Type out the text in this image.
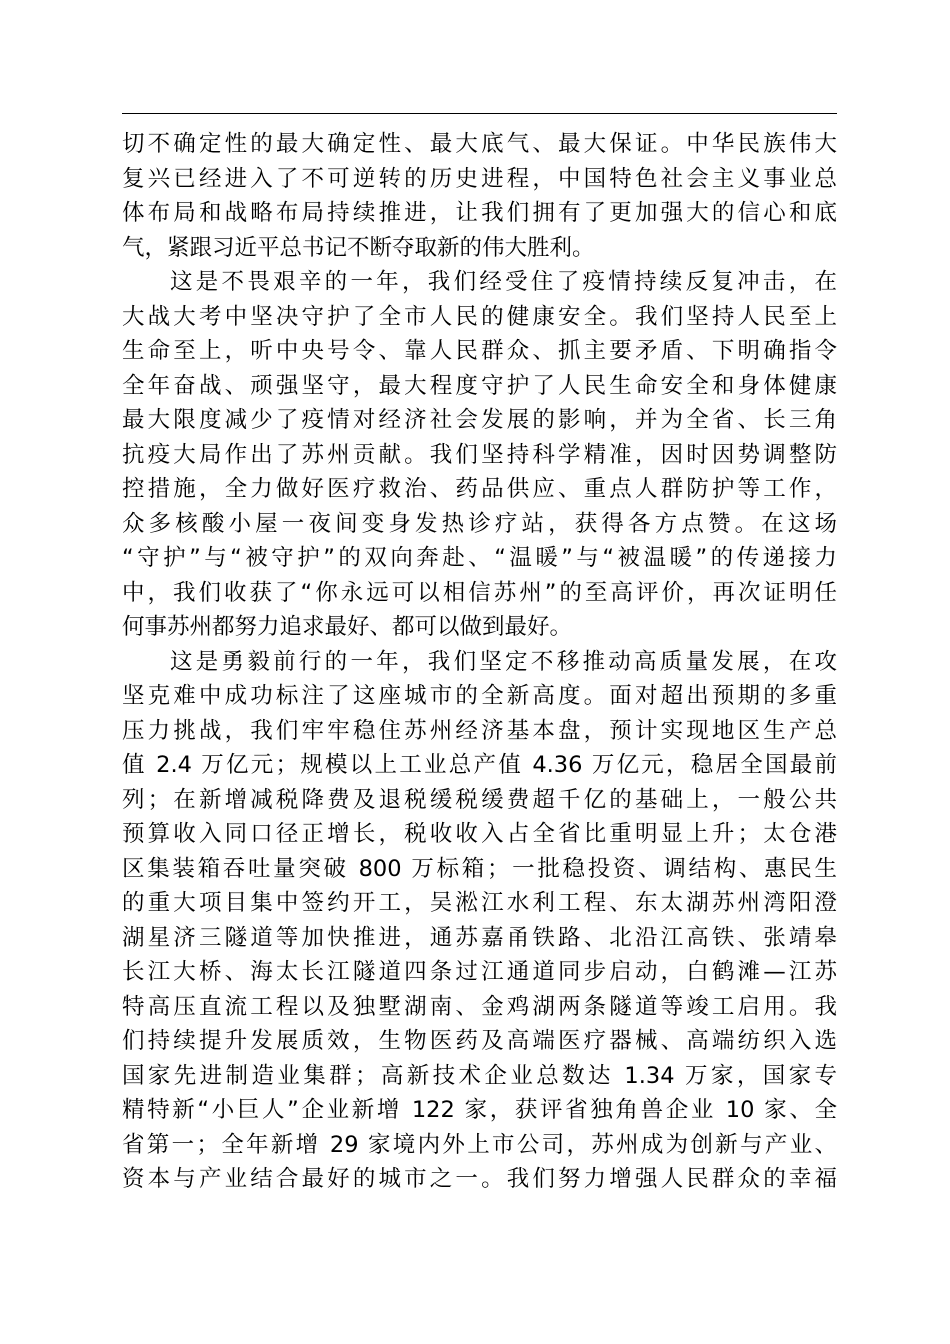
切不确定性的最大确定性、最大底气、最大保证。中华民族伟大
复兴已经进入了不可逆转的历史进程，中国特色社会主义事业总
体布局和战略布局持续推进，让我们拥有了更加强大的信心和底
气，紧跟习近平总书记不断夺取新的伟大胜利。
这是不畏艰辛的一年，我们经受住了疫情持续反复冲击，在
大战大考中坚决守护了全市人民的健康安全。我们坚持人民至上
生命至上，听中央号令、靠人民群众、抓主要矛盾、下明确指令
全年奋战、顽强坚守，最大程度守护了人民生命安全和身体健康
最大限度减少了疫情对经济社会发展的影响，并为全省、长三角
抗疫大局作出了苏州贡献。我们坚持科学精准，因时因势调整防
控措施，全力做好医疗救治、药品供应、重点人群防护等工作，
众多核酸小屋一夜间变身发热诊疗站，获得各方点赞。在这场
“守护”与“被守护”的双向奔赴、“温暖”与“被温暖”的传递接力
中，我们收获了“你永远可以相信苏州”的至高评价，再次证明任
何事苏州都努力追求最好、都可以做到最好。
这是勇毅前行的一年，我们坚定不移推动高质量发展，在攻
坚克难中成功标注了这座城市的全新高度。面对超出预期的多重
压力挑战，我们牢牢稳住苏州经济基本盘，预计实现地区生产总
值 2.4 万亿元；规模以上工业总产值 4.36 万亿元，稳居全国最前
列；在新增减税降费及退税缓税缓费超千亿的基础上，一般公共
预算收入同口径正增长，税收收入占全省比重明显上升；太仓港
区集装箱吞吐量突破 800 万标箱；一批稳投资、调结构、惠民生
的重大项目集中签约开工，吴淞江水利工程、东太湖苏州湾阳澄
湖星济三隧道等加快推进，通苏嘉甬铁路、北沿江高铁、张靖皋
长江大桥、海太长江隧道四条过江通道同步启动，白鹤滩—江苏
特高压直流工程以及独墅湖南、金鸡湖两条隧道等竣工启用。我
们持续提升发展质效，生物医药及高端医疗器械、高端纺织入选
国家先进制造业集群；高新技术企业总数达 1.34 万家，国家专
精特新“小巨人”企业新增 122 家，获评省独角兽企业 10 家、全
省第一；全年新增 29 家境内外上市公司，苏州成为创新与产业、
资本与产业结合最好的城市之一。我们努力增强人民群众的幸福
